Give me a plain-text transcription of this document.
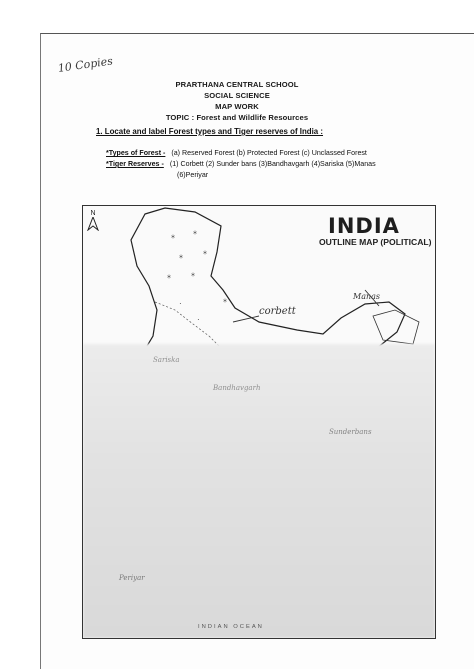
10 Copies
PRARTHANA CENTRAL SCHOOL
SOCIAL SCIENCE
MAP WORK
TOPIC : Forest and Wildlife Resources
1. Locate and label Forest types and Tiger reserves of India :
*Types of Forest - (a) Reserved Forest (b) Protected Forest (c) Unclassed Forest
*Tiger Reserves - (1) Corbett (2) Sunder bans (3)Bandhavgarh (4)Sariska (5)Manas
(6)Periyar
N
INDIA
OUTLINE MAP (POLITICAL)
⁎ ⁎
⁎	⁎
⁎	⁎
·
·
⁎
corbett
Manas
Sunderbans
Bandhavgarh
Sariska
Periyar
INDIAN OCEAN
